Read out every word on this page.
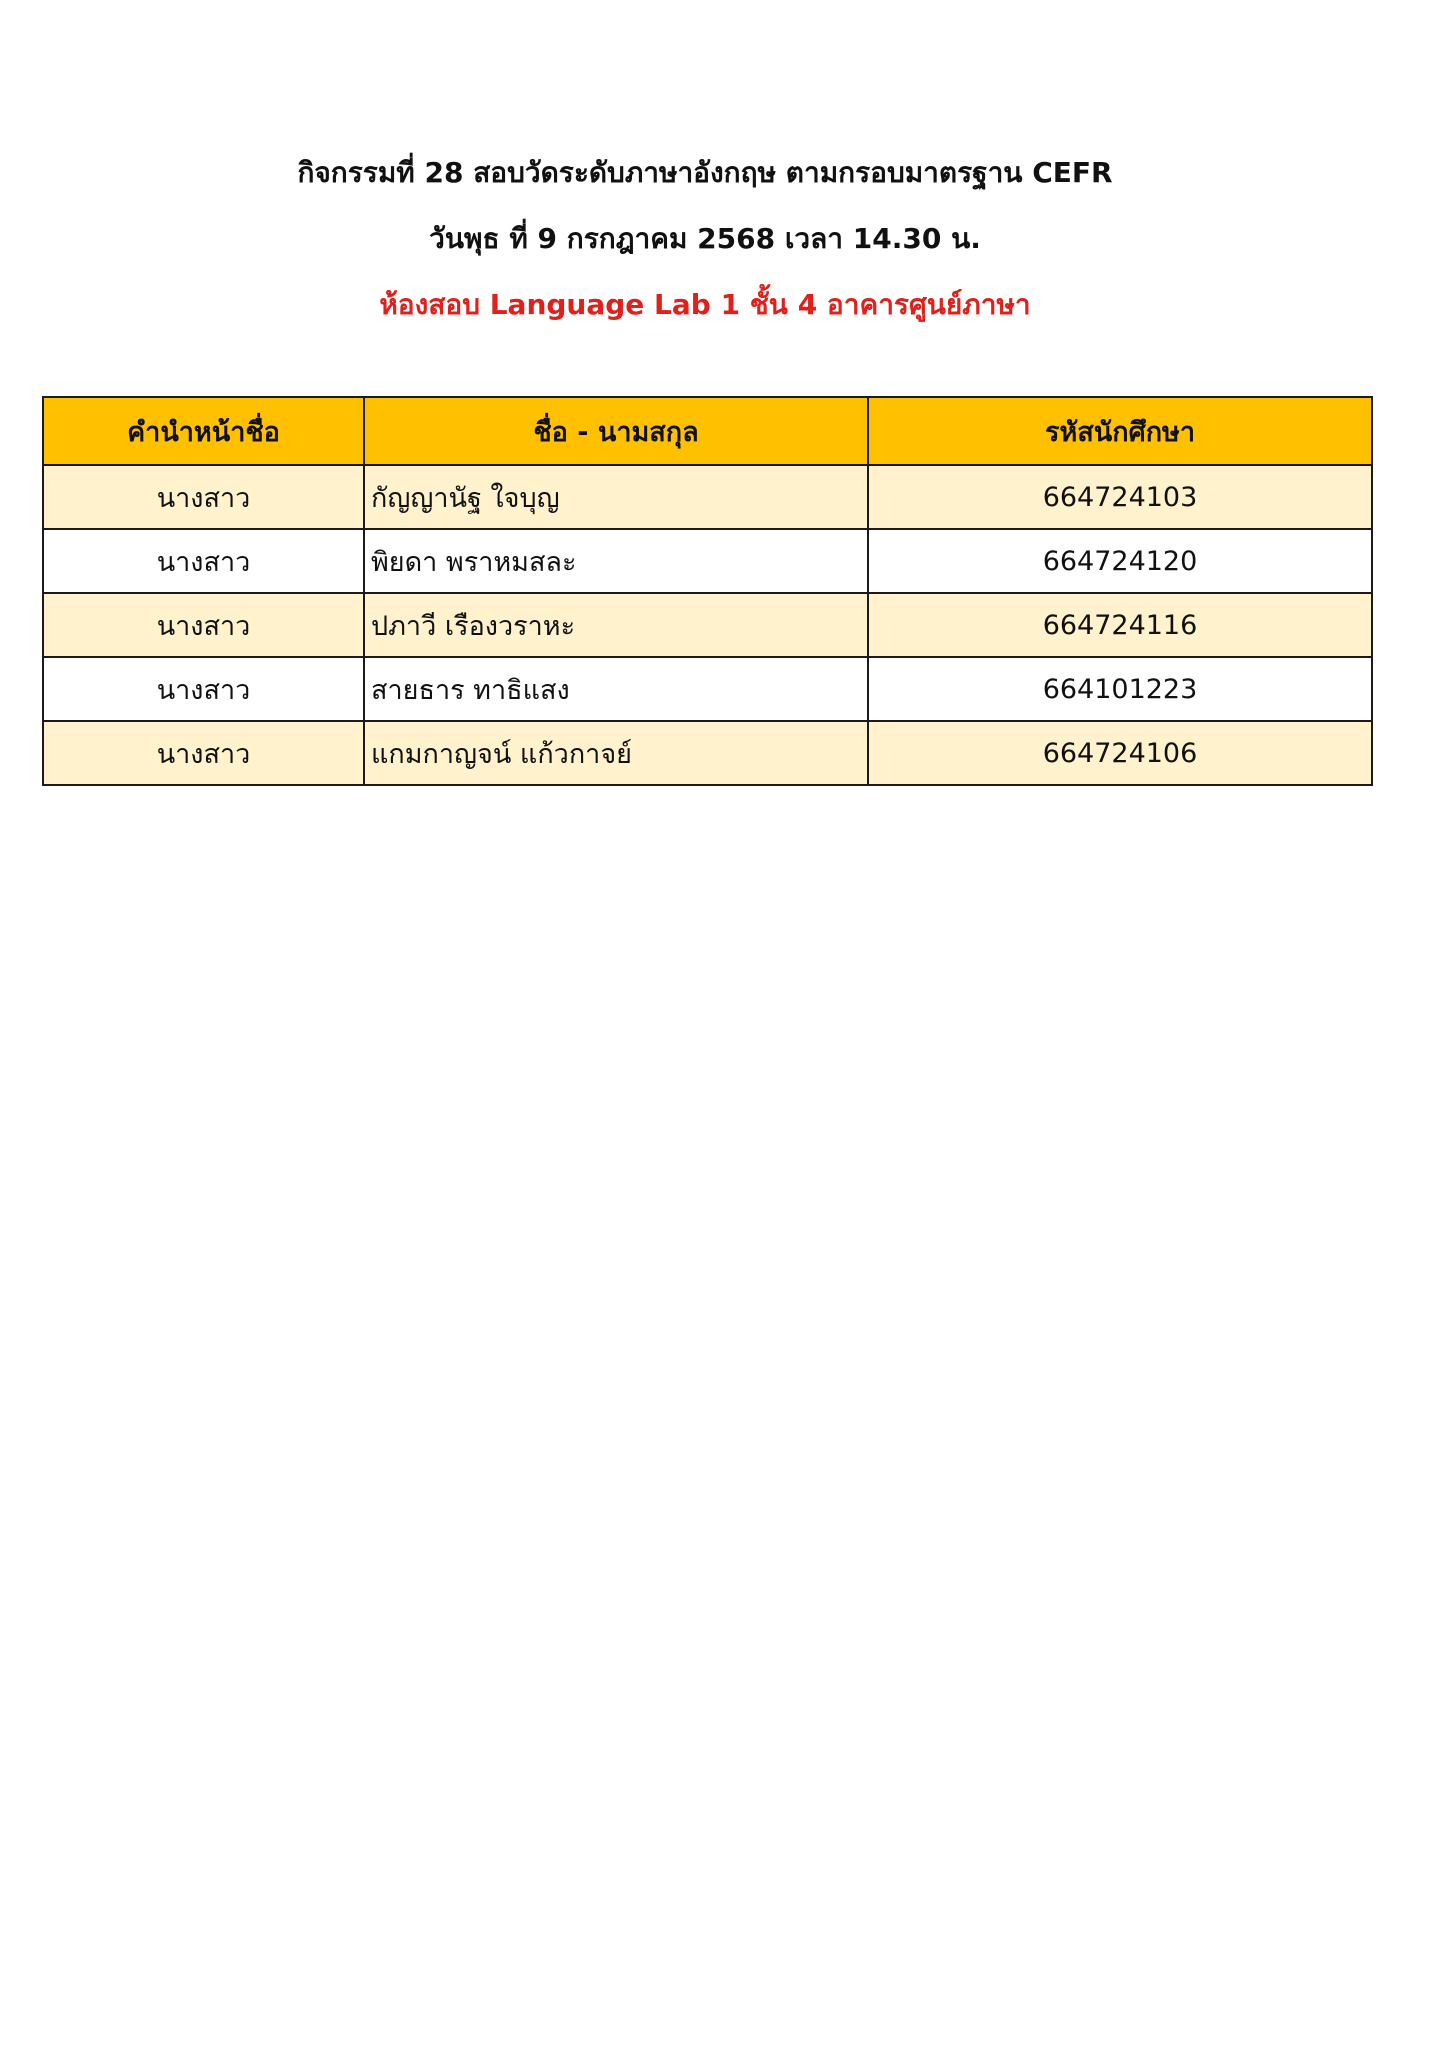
กิจกรรมที่ 28 สอบวัดระดับภาษาอังกฤษ ตามกรอบมาตรฐาน CEFR
วันพุธ ที่ 9 กรกฎาคม 2568 เวลา 14.30 น.
ห้องสอบ Language Lab 1 ชั้น 4 อาคารศูนย์ภาษา
คำนำหน้าชื่อ	ชื่อ - นามสกุล	รหัสนักศึกษา
นางสาว	กัญญานัฐ ใจบุญ	664724103
นางสาว	พิยดา พราหมสละ	664724120
นางสาว	ปภาวี เรืองวราหะ	664724116
นางสาว	สายธาร ทาธิแสง	664101223
นางสาว	แกมกาญจน์ แก้วกาจย์	664724106
